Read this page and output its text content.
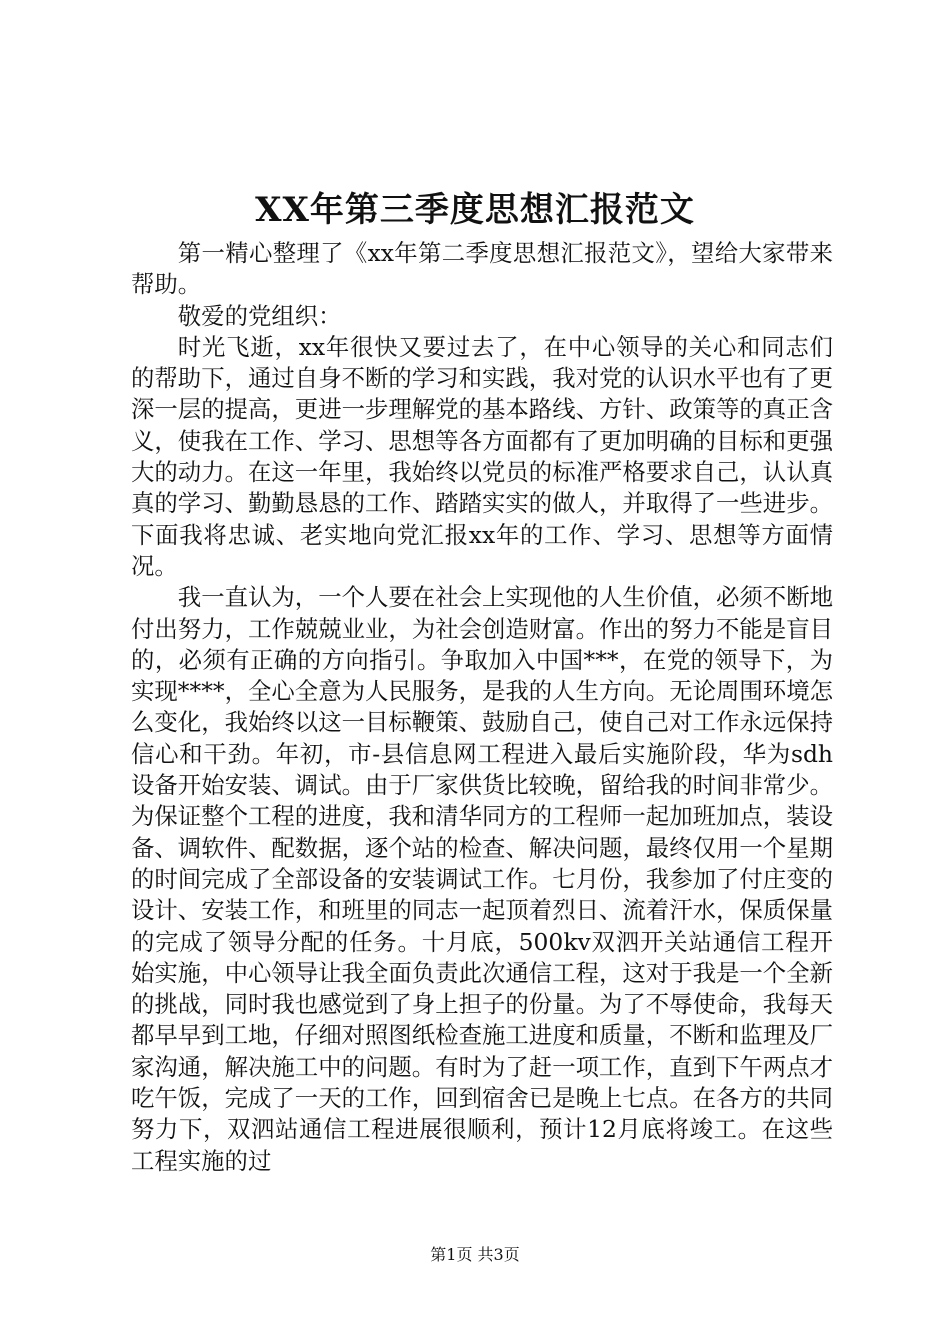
XX年第三季度思想汇报范文

第一精心整理了《xx年第二季度思想汇报范文》，望给大家带来帮助。

敬爱的党组织：

时光飞逝，xx年很快又要过去了，在中心领导的关心和同志们的帮助下，通过自身不断的学习和实践，我对党的认识水平也有了更深一层的提高，更进一步理解党的基本路线、方针、政策等的真正含义，使我在工作、学习、思想等各方面都有了更加明确的目标和更强大的动力。在这一年里，我始终以党员的标准严格要求自己，认认真真的学习、勤勤恳恳的工作、踏踏实实的做人，并取得了一些进步。下面我将忠诚、老实地向党汇报xx年的工作、学习、思想等方面情况。

我一直认为，一个人要在社会上实现他的人生价值，必须不断地付出努力，工作兢兢业业，为社会创造财富。作出的努力不能是盲目的，必须有正确的方向指引。争取加入中国***，在党的领导下，为实现****，全心全意为人民服务，是我的人生方向。无论周围环境怎么变化，我始终以这一目标鞭策、鼓励自己，使自己对工作永远保持信心和干劲。年初，市-县信息网工程进入最后实施阶段，华为sdh设备开始安装、调试。由于厂家供货比较晚，留给我的时间非常少。为保证整个工程的进度，我和清华同方的工程师一起加班加点，装设备、调软件、配数据，逐个站的检查、解决问题，最终仅用一个星期的时间完成了全部设备的安装调试工作。七月份，我参加了付庄变的设计、安装工作，和班里的同志一起顶着烈日、流着汗水，保质保量的完成了领导分配的任务。十月底，500kv双泗开关站通信工程开始实施，中心领导让我全面负责此次通信工程，这对于我是一个全新的挑战，同时我也感觉到了身上担子的份量。为了不辱使命，我每天都早早到工地，仔细对照图纸检查施工进度和质量，不断和监理及厂家沟通，解决施工中的问题。有时为了赶一项工作，直到下午两点才吃午饭，完成了一天的工作，回到宿舍已是晚上七点。在各方的共同努力下，双泗站通信工程进展很顺利，预计12月底将竣工。在这些工程实施的过

第1页 共3页
